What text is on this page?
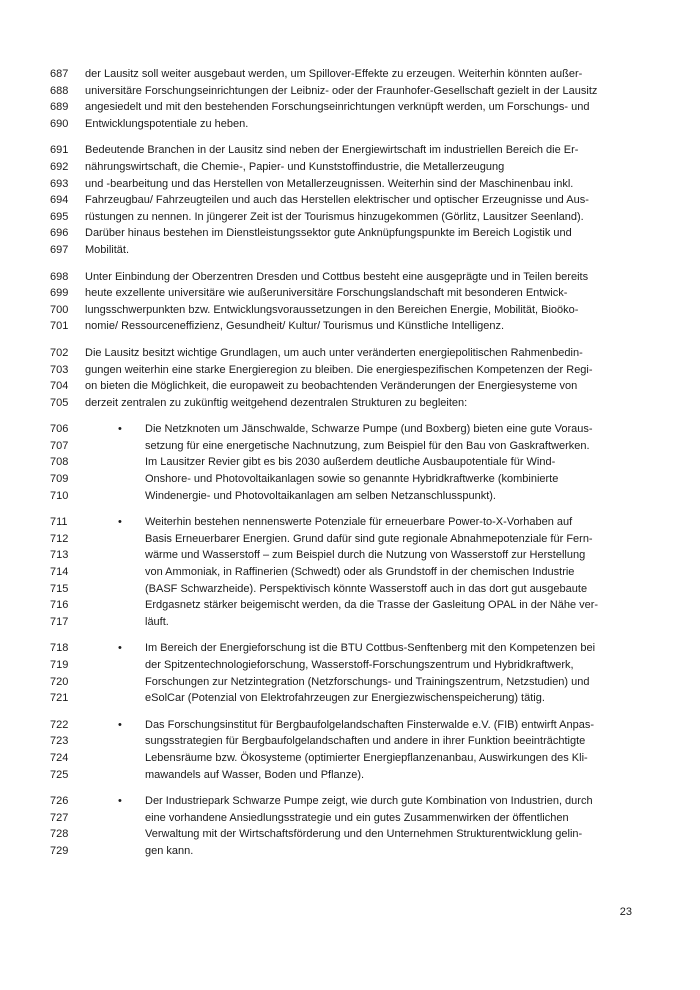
687	der Lausitz soll weiter ausgebaut werden, um Spillover-Effekte zu erzeugen. Weiterhin könnten außer-
688	universitäre Forschungseinrichtungen der Leibniz- oder der Fraunhofer-Gesellschaft gezielt in der Lausitz
689	angesiedelt und mit den bestehenden Forschungseinrichtungen verknüpft werden, um Forschungs- und
690	Entwicklungspotentiale zu heben.
691	Bedeutende Branchen in der Lausitz sind neben der Energiewirtschaft im industriellen Bereich die Er-
692	nährungswirtschaft, die Chemie-, Papier- und Kunststoffindustrie, die Metallerzeugung
693	und -bearbeitung und das Herstellen von Metallerzeugnissen. Weiterhin sind der Maschinenbau inkl.
694	Fahrzeugbau/ Fahrzeugteilen und auch das Herstellen elektrischer und optischer Erzeugnisse und Aus-
695	rüstungen zu nennen. In jüngerer Zeit ist der Tourismus hinzugekommen (Görlitz, Lausitzer Seenland).
696	Darüber hinaus bestehen im Dienstleistungssektor gute Anknüpfungspunkte im Bereich Logistik und
697	Mobilität.
698	Unter Einbindung der Oberzentren Dresden und Cottbus besteht eine ausgeprägte und in Teilen bereits
699	heute exzellente universitäre wie außeruniversitäre Forschungslandschaft mit besonderen Entwick-
700	lungsschwerpunkten bzw. Entwicklungsvoraussetzungen in den Bereichen Energie, Mobilität, Bioöko-
701	nomie/ Ressourceneffizienz, Gesundheit/ Kultur/ Tourismus und Künstliche Intelligenz.
702	Die Lausitz besitzt wichtige Grundlagen, um auch unter veränderten energiepolitischen Rahmenbedin-
703	gungen weiterhin eine starke Energieregion zu bleiben. Die energiespezifischen Kompetenzen der Regi-
704	on bieten die Möglichkeit, die europaweit zu beobachtenden Veränderungen der Energiesysteme von
705	derzeit zentralen zu zukünftig weitgehend dezentralen Strukturen zu begleiten:
706	• Die Netzknoten um Jänschwalde, Schwarze Pumpe (und Boxberg) bieten eine gute Voraus-
707	setzung für eine energetische Nachnutzung, zum Beispiel für den Bau von Gaskraftwerken.
708	Im Lausitzer Revier gibt es bis 2030 außerdem deutliche Ausbaupotentiale für Wind-
709	Onshore- und Photovoltaikanlagen sowie so genannte Hybridkraftwerke (kombinierte
710	Windenergie- und Photovoltaikanlagen am selben Netzanschlusspunkt).
711	• Weiterhin bestehen nennenswerte Potenziale für erneuerbare Power-to-X-Vorhaben auf
712	Basis Erneuerbarer Energien. Grund dafür sind gute regionale Abnahmepotenziale für Fern-
713	wärme und Wasserstoff – zum Beispiel durch die Nutzung von Wasserstoff zur Herstellung
714	von Ammoniak, in Raffinerien (Schwedt) oder als Grundstoff in der chemischen Industrie
715	(BASF Schwarzheide). Perspektivisch könnte Wasserstoff auch in das dort gut ausgebaute
716	Erdgasnetz stärker beigemischt werden, da die Trasse der Gasleitung OPAL in der Nähe ver-
717	läuft.
718	• Im Bereich der Energieforschung ist die BTU Cottbus-Senftenberg mit den Kompetenzen bei
719	der Spitzentechnologieforschung, Wasserstoff-Forschungszentrum und Hybridkraftwerk,
720	Forschungen zur Netzintegration (Netzforschungs- und Trainingszentrum, Netzstudien) und
721	eSolCar (Potenzial von Elektrofahrzeugen zur Energiezwischenspeicherung) tätig.
722	• Das Forschungsinstitut für Bergbaufolgelandschaften Finsterwalde e.V. (FIB) entwirft Anpas-
723	sungsstrategien für Bergbaufolgelandschaften und andere in ihrer Funktion beeinträchtigte
724	Lebensräume bzw. Ökosysteme (optimierter Energiepflanzenanbau, Auswirkungen des Kli-
725	mawandels auf Wasser, Boden und Pflanze).
726	• Der Industriepark Schwarze Pumpe zeigt, wie durch gute Kombination von Industrien, durch
727	eine vorhandene Ansiedlungsstrategie und ein gutes Zusammenwirken der öffentlichen
728	Verwaltung mit der Wirtschaftsförderung und den Unternehmen Strukturentwicklung gelin-
729	gen kann.
23
